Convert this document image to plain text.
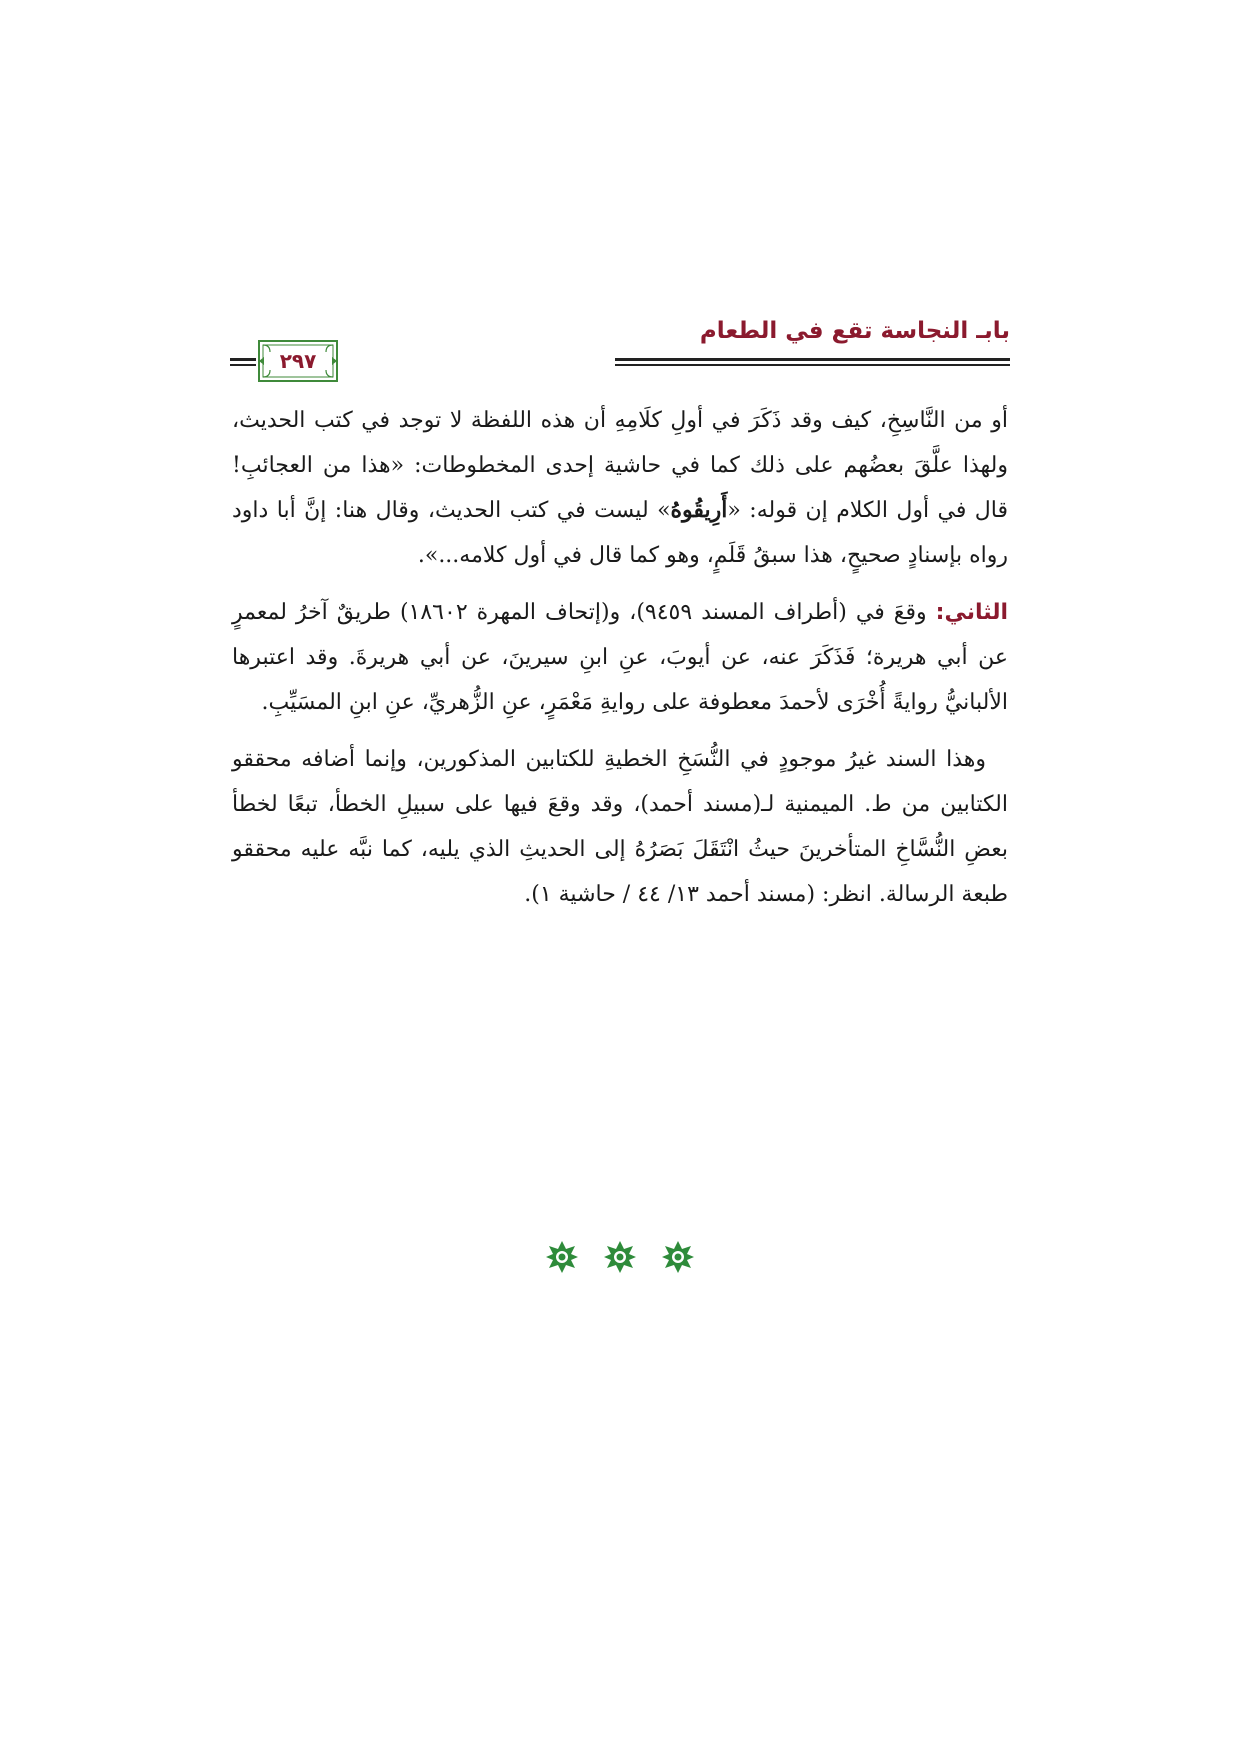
بابـ النجاسة تقع في الطعام
٢٩٧

أو من النَّاسِخِ، كيف وقد ذَكَرَ في أولِ كلَامِهِ أن هذه اللفظة لا توجد في كتب الحديث، ولهذا علَّقَ بعضُهم على ذلك كما في حاشية إحدى المخطوطات: «هذا من العجائبِ! قال في أول الكلام إن قوله: «أَرِيقُوهُ» ليست في كتب الحديث، وقال هنا: إنَّ أبا داود رواه بإسنادٍ صحيحٍ، هذا سبقُ قَلَمٍ، وهو كما قال في أول كلامه...».

الثاني: وقعَ في (أطراف المسند ٩٤٥٩)، و(إتحاف المهرة ١٨٦٠٢) طريقٌ آخرُ لمعمرٍ عن أبي هريرة؛ فَذَكَرَ عنه، عن أيوبَ، عنِ ابنِ سيرينَ، عن أبي هريرةَ. وقد اعتبرها الألبانيُّ روايةً أُخْرَى لأحمدَ معطوفة على روايةِ مَعْمَرٍ، عنِ الزُّهريِّ، عنِ ابنِ المسَيِّبِ.

وهذا السند غيرُ موجودٍ في النُّسَخِ الخطيةِ للكتابين المذكورين، وإنما أضافه محققو الكتابين من ط. الميمنية لـ(مسند أحمد)، وقد وقعَ فيها على سبيلِ الخطأ، تبعًا لخطأ بعضِ النُّسَّاخِ المتأخرينَ حيثُ انْتَقَلَ بَصَرُهُ إلى الحديثِ الذي يليه، كما نبَّه عليه محققو طبعة الرسالة. انظر: (مسند أحمد ١٣/ ٤٤ / حاشية ١).
